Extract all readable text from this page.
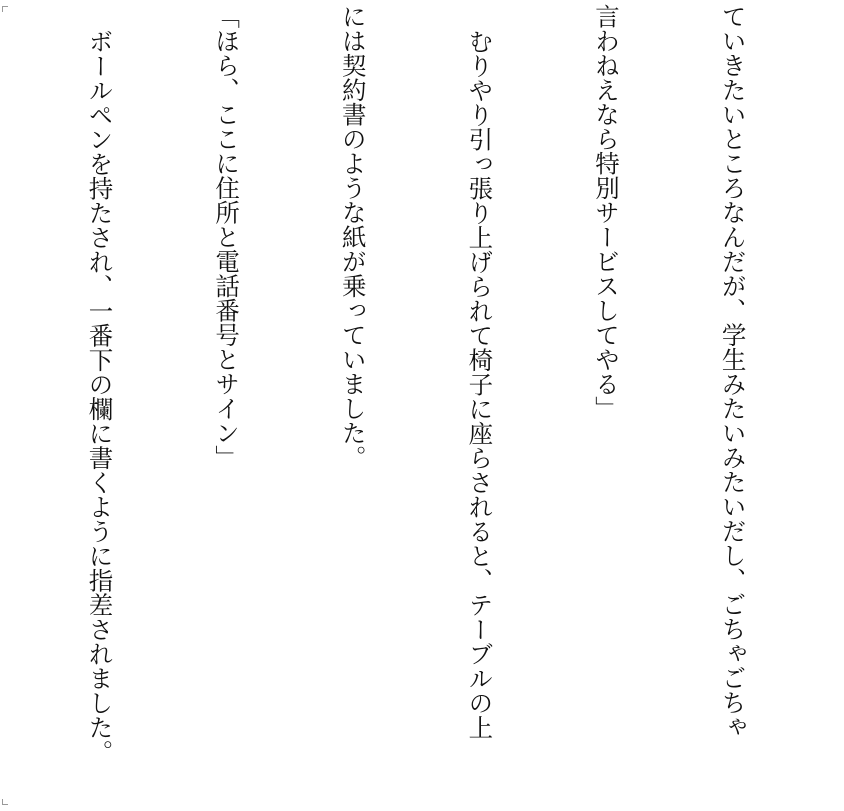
ていきたいところなんだが、学生みたいみたいだし、ごちゃごちゃ

言わねえなら特別サービスしてやる」

むりやり引っ張り上げられて椅子に座らされると、テーブルの上

には契約書のような紙が乗っていました。

「ほら、ここに住所と電話番号とサイン」

ボールペンを持たされ、一番下の欄に書くように指差されました。
